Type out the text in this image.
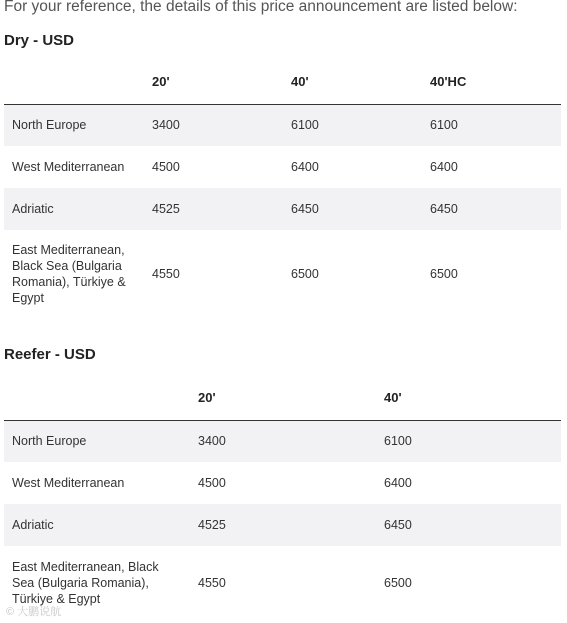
For your reference, the details of this price announcement are listed below:
Dry - USD
	20'	40'	40'HC
North Europe	3400	6100	6100
West Mediterranean	4500	6400	6400
Adriatic	4525	6450	6450
East Mediterranean, Black Sea (Bulgaria Romania), Türkiye & Egypt	4550	6500	6500
Reefer - USD
	20'	40'
North Europe	3400	6100
West Mediterranean	4500	6400
Adriatic	4525	6450
East Mediterranean, Black Sea (Bulgaria Romania), Türkiye & Egypt	4550	6500
© 大鹏说航
